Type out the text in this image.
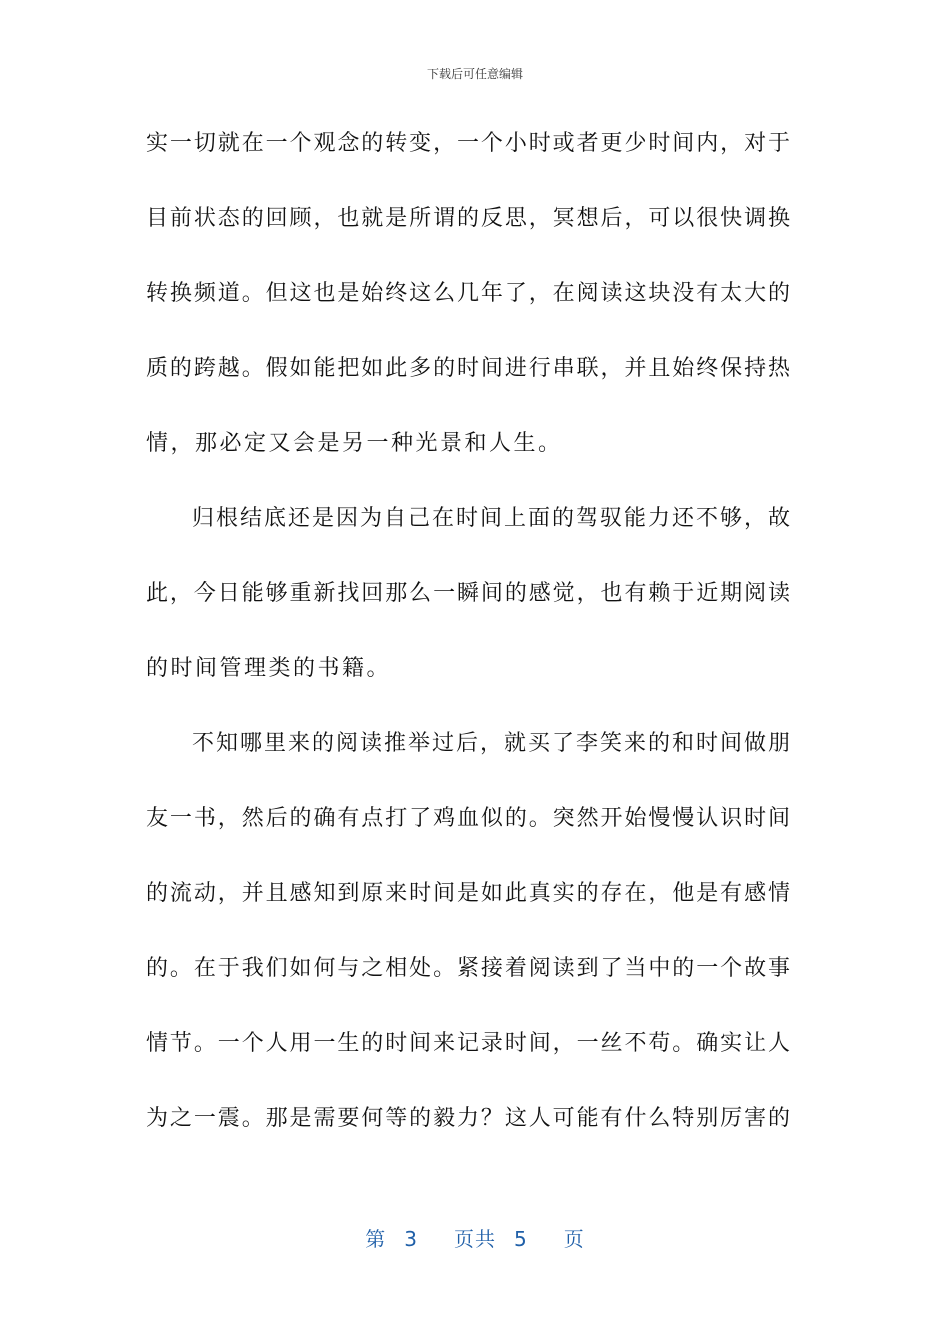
下载后可任意编辑
实一切就在一个观念的转变，一个小时或者更少时间内，对于
目前状态的回顾，也就是所谓的反思，冥想后，可以很快调换
转换频道。但这也是始终这么几年了，在阅读这块没有太大的
质的跨越。假如能把如此多的时间进行串联，并且始终保持热
情，那必定又会是另一种光景和人生。
归根结底还是因为自己在时间上面的驾驭能力还不够，故
此，今日能够重新找回那么一瞬间的感觉，也有赖于近期阅读
的时间管理类的书籍。
不知哪里来的阅读推举过后，就买了李笑来的和时间做朋
友一书，然后的确有点打了鸡血似的。突然开始慢慢认识时间
的流动，并且感知到原来时间是如此真实的存在，他是有感情
的。在于我们如何与之相处。紧接着阅读到了当中的一个故事
情节。一个人用一生的时间来记录时间，一丝不苟。确实让人
为之一震。那是需要何等的毅力？这人可能有什么特别厉害的
第 3 页共 5 页
